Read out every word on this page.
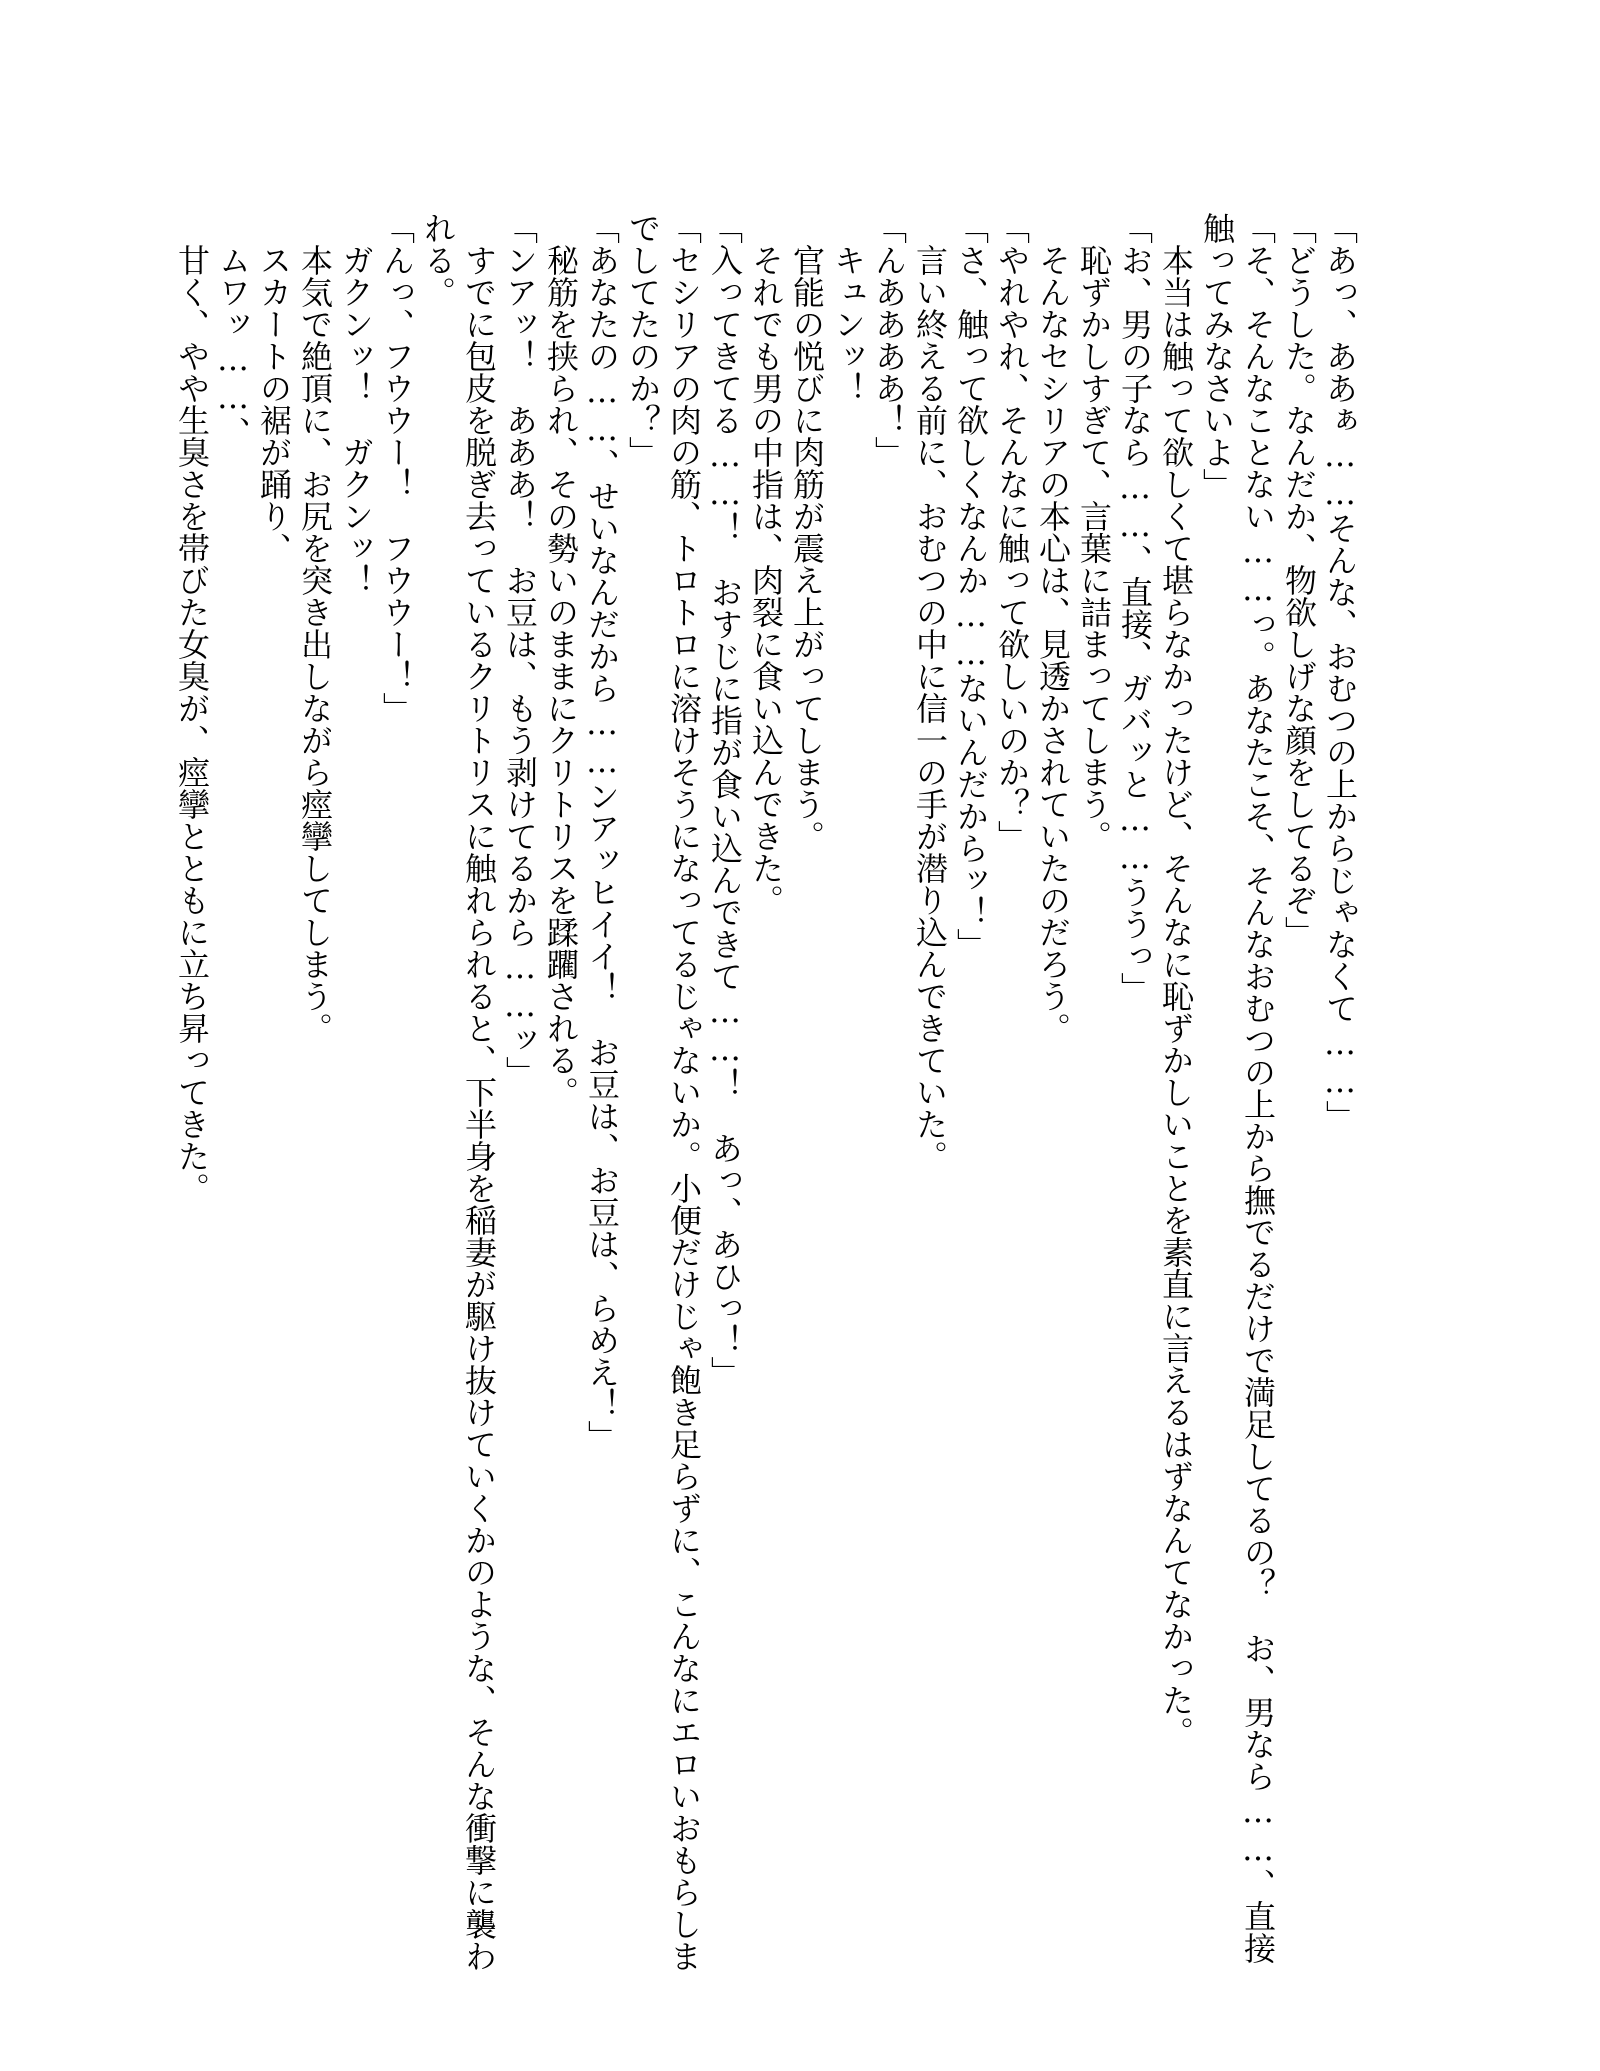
「あっ、ああぁ……そんな、おむつの上からじゃなくて……」

「どうした。なんだか、物欲しげな顔をしてるぞ」

「そ、そんなことない……っ。あなたこそ、そんなおむつの上から撫でるだけで満足してるの？　お、男なら……、直接触ってみなさいよ」

本当は触って欲しくて堪らなかったけど、そんなに恥ずかしいことを素直に言えるはずなんてなかった。

「お、男の子なら……、直接、ガバッと……ううっ」

恥ずかしすぎて、言葉に詰まってしまう。

そんなセシリアの本心は、見透かされていたのだろう。

「やれやれ、そんなに触って欲しいのか？」

「さ、触って欲しくなんか……ないんだからッ！」

言い終える前に、おむつの中に信一の手が潜り込んできていた。

「んああああ！」

キュンッ！

官能の悦びに肉筋が震え上がってしまう。

それでも男の中指は、肉裂に食い込んできた。

「入ってきてる……！　おすじに指が食い込んできて……！　あっ、あひっ！」

「セシリアの肉の筋、トロトロに溶けそうになってるじゃないか。小便だけじゃ飽き足らずに、こんなにエロいおもらしまでしてたのか？」

「あなたの……、せいなんだから……ンアッヒイイ！　お豆は、お豆は、らめえ！」

秘筋を挟られ、その勢いのままにクリトリスを蹂躙される。

「ンアッ！　あああ！　お豆は、もう剥けてるから……ッ」

すでに包皮を脱ぎ去っているクリトリスに触れられると、下半身を稲妻が駆け抜けていくかのような、そんな衝撃に襲われる。

「んっ、フウウー！　フウウー！」

ガクンッ！　ガクンッ！

本気で絶頂に、お尻を突き出しながら痙攣してしまう。

スカートの裾が踊り、

ムワッ……、

甘く、やや生臭さを帯びた女臭が、痙攣とともに立ち昇ってきた。
